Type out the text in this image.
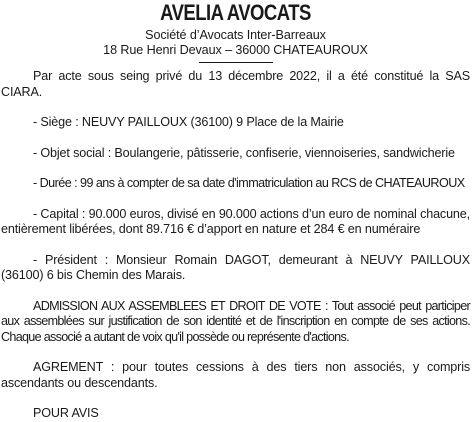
AVELIA AVOCATS

Société d’Avocats Inter-Barreaux

18 Rue Henri Devaux – 36000 CHATEAUROUX

Par acte sous seing privé du 13 décembre 2022, il a été constitué la SAS CIARA.

- Siège : NEUVY PAILLOUX (36100) 9 Place de la Mairie

- Objet social : Boulangerie, pâtisserie, confiserie, viennoiseries, sandwicherie

- Durée : 99 ans à compter de sa date d'immatriculation au RCS de CHATEAUROUX

- Capital : 90.000 euros, divisé en 90.000 actions d’un euro de nominal chacune, entièrement libérées, dont 89.716 € d’apport en nature et 284 € en numéraire

- Président : Monsieur Romain DAGOT, demeurant à NEUVY PAILLOUX (36100) 6 bis Chemin des Marais.

ADMISSION AUX ASSEMBLEES ET DROIT DE VOTE : Tout associé peut participer aux assemblées sur justification de son identité et de l'inscription en compte de ses actions. Chaque associé a autant de voix qu'il possède ou représente d'actions.

AGREMENT : pour toutes cessions à des tiers non associés, y compris ascendants ou descendants.

POUR AVIS
